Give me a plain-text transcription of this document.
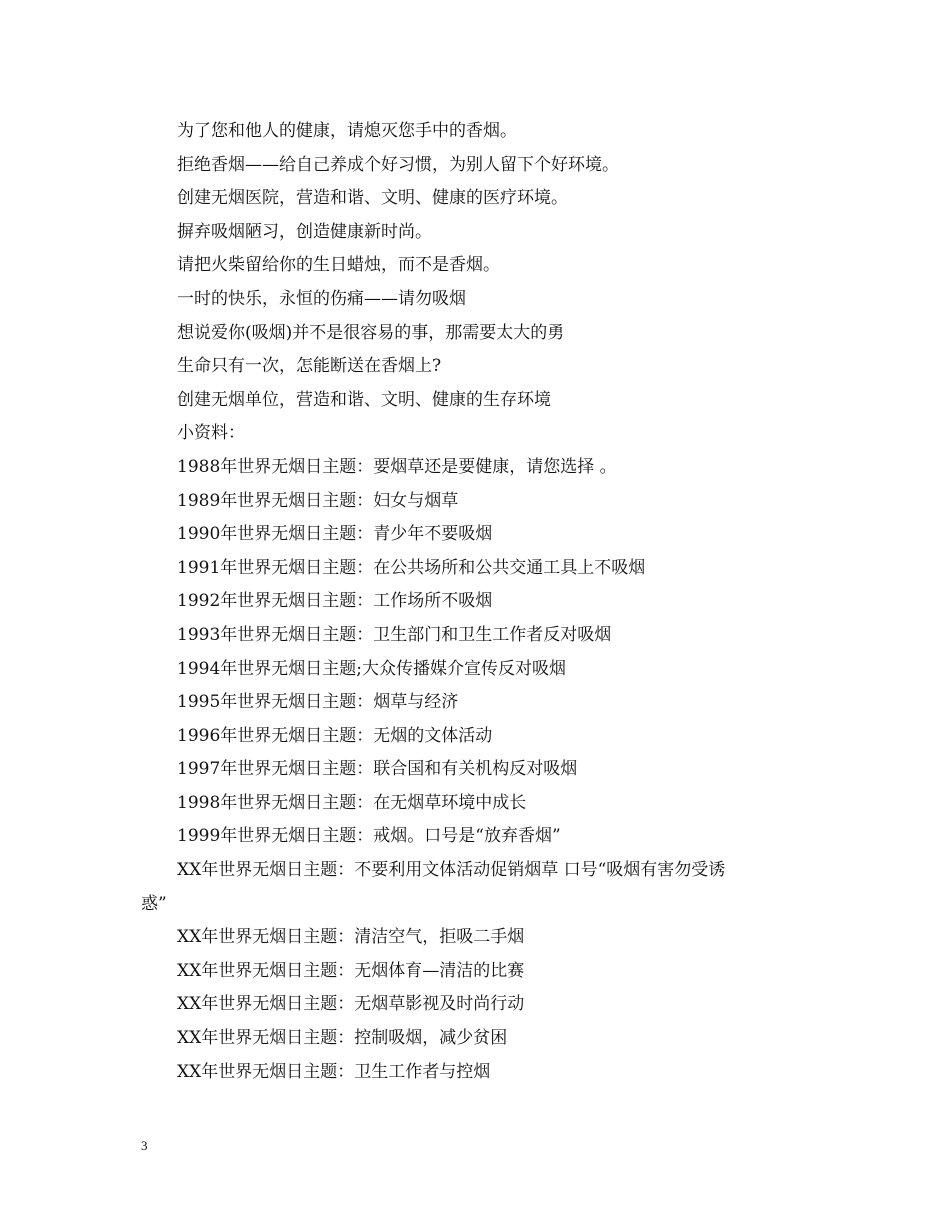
为了您和他人的健康，请熄灭您手中的香烟。
拒绝香烟——给自己养成个好习惯，为别人留下个好环境。
创建无烟医院，营造和谐、文明、健康的医疗环境。
摒弃吸烟陋习，创造健康新时尚。
请把火柴留给你的生日蜡烛，而不是香烟。
一时的快乐，永恒的伤痛——请勿吸烟
想说爱你(吸烟)并不是很容易的事，那需要太大的勇
生命只有一次，怎能断送在香烟上?
创建无烟单位，营造和谐、文明、健康的生存环境
小资料：
1988年世界无烟日主题：要烟草还是要健康，请您选择 。
1989年世界无烟日主题：妇女与烟草
1990年世界无烟日主题：青少年不要吸烟
1991年世界无烟日主题：在公共场所和公共交通工具上不吸烟
1992年世界无烟日主题：工作场所不吸烟
1993年世界无烟日主题：卫生部门和卫生工作者反对吸烟
1994年世界无烟日主题;大众传播媒介宣传反对吸烟
1995年世界无烟日主题：烟草与经济
1996年世界无烟日主题：无烟的文体活动
1997年世界无烟日主题：联合国和有关机构反对吸烟
1998年世界无烟日主题：在无烟草环境中成长
1999年世界无烟日主题：戒烟。口号是“放弃香烟”
XX年世界无烟日主题：不要利用文体活动促销烟草 口号“吸烟有害勿受诱
惑”
XX年世界无烟日主题：清洁空气，拒吸二手烟
XX年世界无烟日主题：无烟体育—清洁的比赛
XX年世界无烟日主题：无烟草影视及时尚行动
XX年世界无烟日主题：控制吸烟，减少贫困
XX年世界无烟日主题：卫生工作者与控烟
3
